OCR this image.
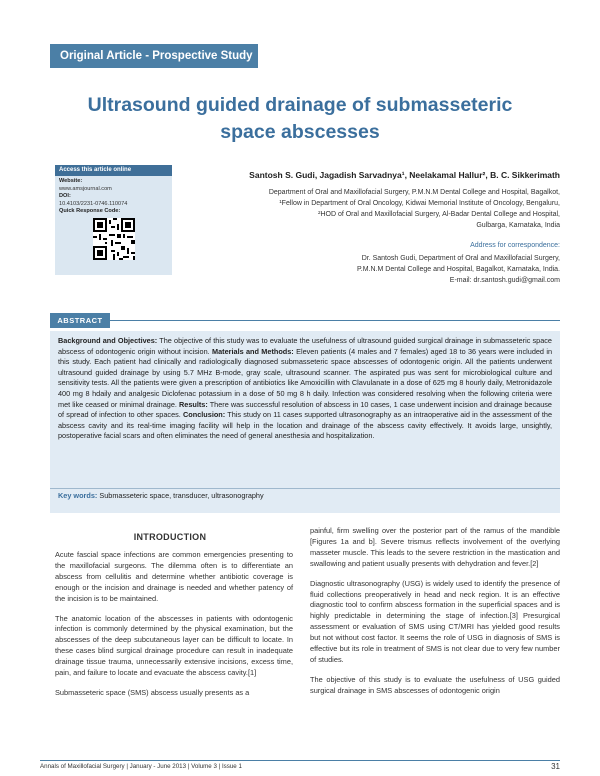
Original Article - Prospective Study
Ultrasound guided drainage of submasseteric
space abscesses
Access this article online
Website:
www.amsjournal.com
DOI:
10.4103/2231-0746.110074
Quick Response Code:
Santosh S. Gudi, Jagadish Sarvadnya¹, Neelakamal Hallur², B. C. Sikkerimath
Department of Oral and Maxillofacial Surgery, P.M.N.M Dental College and Hospital, Bagalkot,
¹Fellow in Department of Oral Oncology, Kidwai Memorial Institute of Oncology, Bengaluru,
²HOD of Oral and Maxillofacial Surgery, Al-Badar Dental College and Hospital,
Gulbarga, Karnataka, India
Address for correspondence:
Dr. Santosh Gudi, Department of Oral and Maxillofacial Surgery,
P.M.N.M Dental College and Hospital, Bagalkot, Karnataka, India.
E-mail: dr.santosh.gudi@gmail.com
ABSTRACT
Background and Objectives: The objective of this study was to evaluate the usefulness of ultrasound guided surgical drainage in submasseteric space abscess of odontogenic origin without incision. Materials and Methods: Eleven patients (4 males and 7 females) aged 18 to 36 years were included in this study. Each patient had clinically and radiologically diagnosed submasseteric space abscesses of odontogenic origin. All the patients underwent ultrasound guided drainage by using 5.7 MHz B-mode, gray scale, ultrasound scanner. The aspirated pus was sent for microbiological culture and sensitivity tests. All the patients were given a prescription of antibiotics like Amoxicillin with Clavulanate in a dose of 625 mg 8 hourly daily, Metronidazole 400 mg 8 hdaily and analgesic Diclofenac potassium in a dose of 50 mg 8 h daily. Infection was considered resolving when the following criteria were met like ceased or minimal drainage. Results: There was successful resolution of abscess in 10 cases, 1 case underwent incision and drainage because of spread of infection to other spaces. Conclusion: This study on 11 cases supported ultrasonography as an intraoperative aid in the assessment of the abscess cavity and its real-time imaging facility will help in the location and drainage of the abscess cavity effectively. It avoids large, unsightly, postoperative facial scars and often eliminates the need of general anesthesia and hospitalization.
Key words: Submasseteric space, transducer, ultrasonography
INTRODUCTION

Acute fascial space infections are common emergencies presenting to the maxillofacial surgeons. The dilemma often is to differentiate an abscess from cellulitis and determine whether antibiotic coverage is enough or the incision and drainage is needed and whether patency of the incision is to be maintained.

The anatomic location of the abscesses in patients with odontogenic infection is commonly determined by the physical examination, but the abscesses of the deep subcutaneous layer can be difficult to locate. In these cases blind surgical drainage procedure can result in inadequate drainage tissue trauma, unnecessarily extensive incisions, excess time, pain, and failure to locate and evacuate the abscess cavity.[1]

Submasseteric space (SMS) abscess usually presents as a

painful, firm swelling over the posterior part of the ramus of the mandible [Figures 1a and b]. Severe trismus reflects involvement of the overlying masseter muscle. This leads to the severe restriction in the mastication and swallowing and patient usually presents with dehydration and fever.[2]

Diagnostic ultrasonography (USG) is widely used to identify the presence of fluid collections preoperatively in head and neck region. It is an effective diagnostic tool to confirm abscess formation in the superficial spaces and is highly predictable in determining the stage of infection.[3] Presurgical assessment or evaluation of SMS using CT/MRI has yielded good results but not without cost factor. It seems the role of USG in diagnosis of SMS is effective but its role in treatment of SMS is not clear due to very few number of studies.

The objective of this study is to evaluate the usefulness of USG guided surgical drainage in SMS abscesses of odontogenic origin

Annals of Maxillofacial Surgery | January - June 2013 | Volume 3 | Issue 1	31
